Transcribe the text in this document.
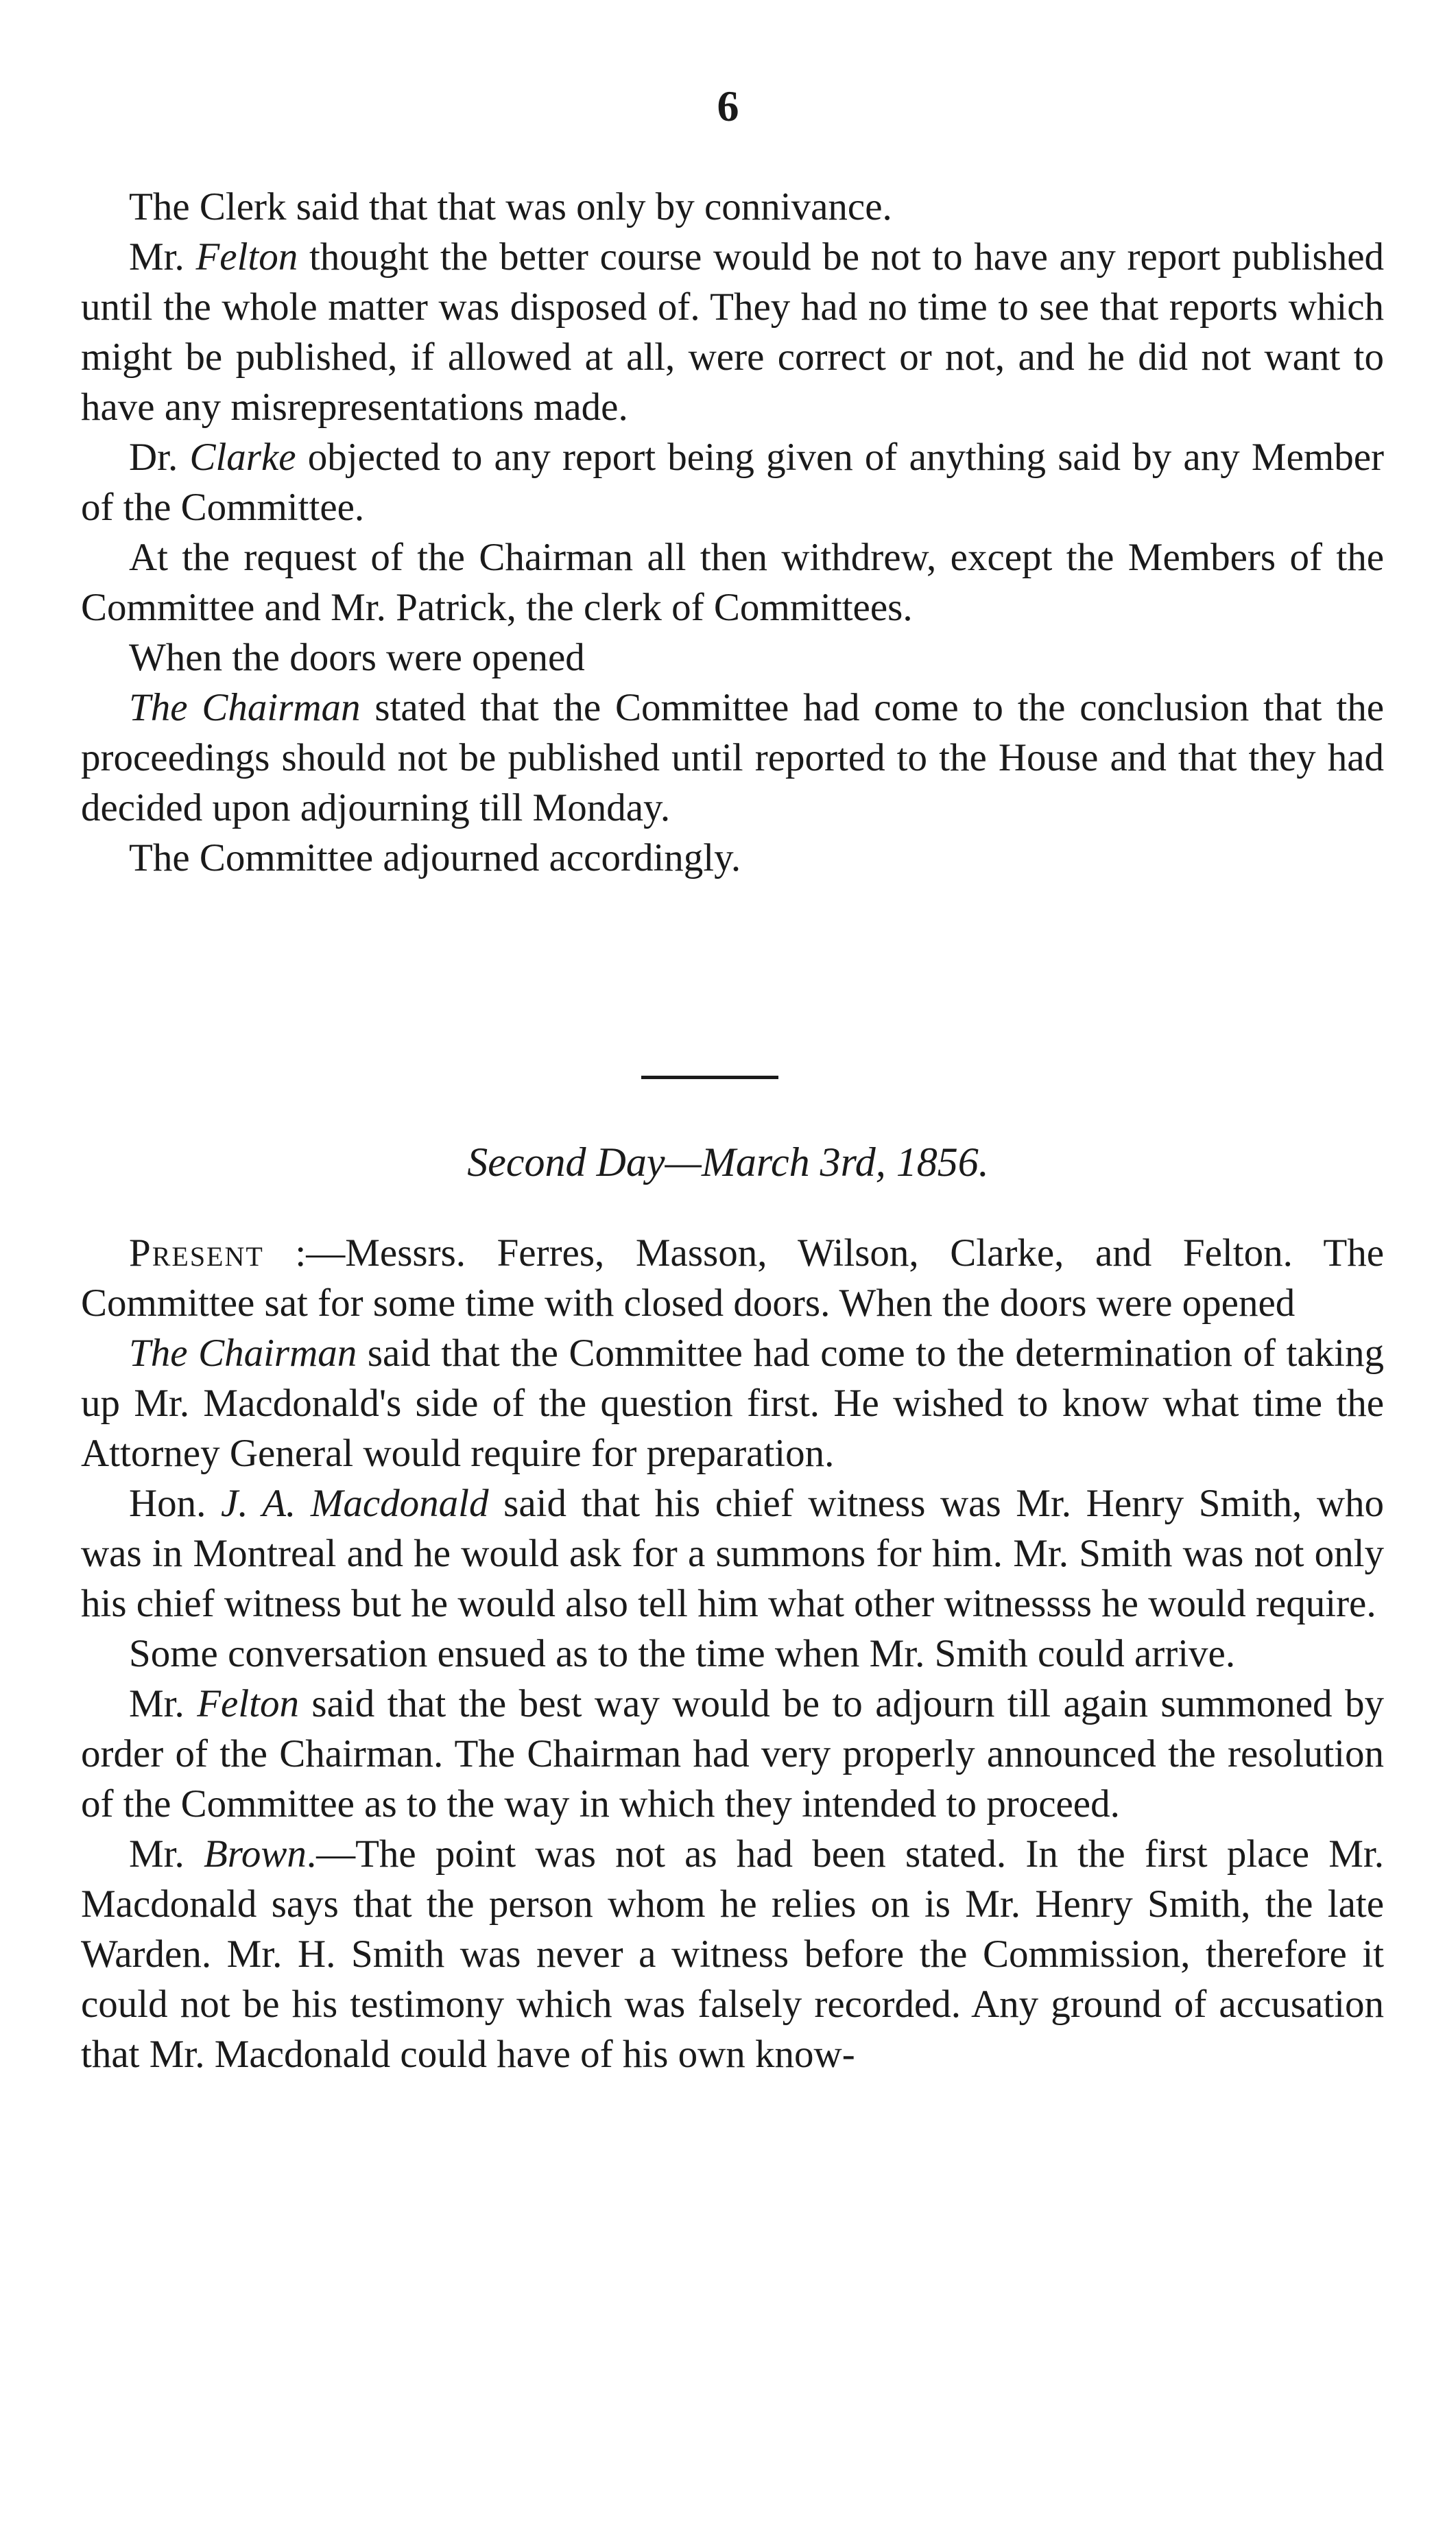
6

The Clerk said that that was only by connivance.

Mr. Felton thought the better course would be not to have any report published until the whole matter was disposed of. They had no time to see that reports which might be published, if allowed at all, were correct or not, and he did not want to have any misrepresentations made.

Dr. Clarke objected to any report being given of anything said by any Member of the Committee.

At the request of the Chairman all then withdrew, except the Members of the Committee and Mr. Patrick, the clerk of Committees.

When the doors were opened

The Chairman stated that the Committee had come to the conclusion that the proceedings should not be published until reported to the House and that they had decided upon adjourning till Monday.

The Committee adjourned accordingly.

Second Day—March 3rd, 1856.

Present :—Messrs. Ferres, Masson, Wilson, Clarke, and Felton. The Committee sat for some time with closed doors. When the doors were opened

The Chairman said that the Committee had come to the determination of taking up Mr. Macdonald's side of the question first. He wished to know what time the Attorney General would require for preparation.

Hon. J. A. Macdonald said that his chief witness was Mr. Henry Smith, who was in Montreal and he would ask for a summons for him. Mr. Smith was not only his chief witness but he would also tell him what other witnessss he would require.

Some conversation ensued as to the time when Mr. Smith could arrive.

Mr. Felton said that the best way would be to adjourn till again summoned by order of the Chairman. The Chairman had very properly announced the resolution of the Committee as to the way in which they intended to proceed.

Mr. Brown.—The point was not as had been stated. In the first place Mr. Macdonald says that the person whom he relies on is Mr. Henry Smith, the late Warden. Mr. H. Smith was never a witness before the Commission, therefore it could not be his testimony which was falsely recorded. Any ground of accusation that Mr. Macdonald could have of his own know-
